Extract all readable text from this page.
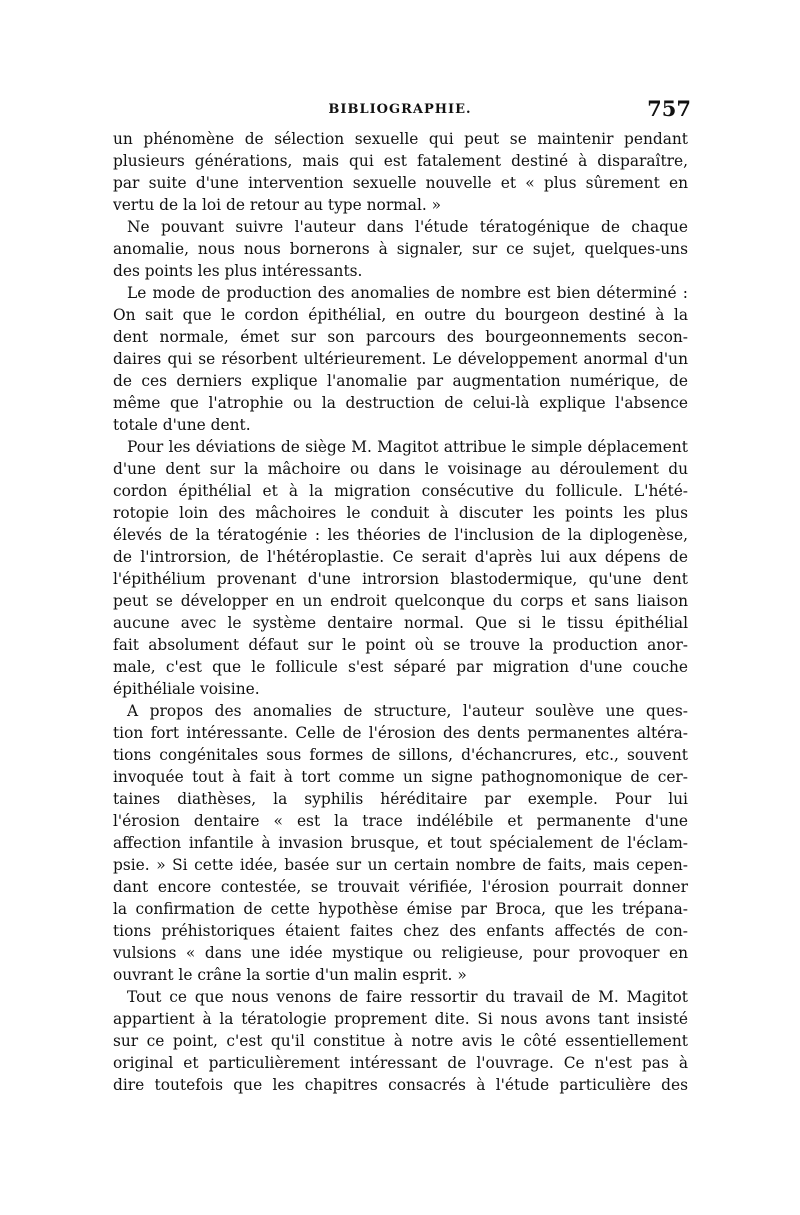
BIBLIOGRAPHIE.	757
un phénomène de sélection sexuelle qui peut se maintenir pendant
plusieurs générations, mais qui est fatalement destiné à disparaître,
par suite d'une intervention sexuelle nouvelle et « plus sûrement en
vertu de la loi de retour au type normal. »
Ne pouvant suivre l'auteur dans l'étude tératogénique de chaque
anomalie, nous nous bornerons à signaler, sur ce sujet, quelques-uns
des points les plus intéressants.
Le mode de production des anomalies de nombre est bien déterminé :
On sait que le cordon épithélial, en outre du bourgeon destiné à la
dent normale, émet sur son parcours des bourgeonnements secon-
daires qui se résorbent ultérieurement. Le développement anormal d'un
de ces derniers explique l'anomalie par augmentation numérique, de
même que l'atrophie ou la destruction de celui-là explique l'absence
totale d'une dent.
Pour les déviations de siège M. Magitot attribue le simple déplacement
d'une dent sur la mâchoire ou dans le voisinage au déroulement du
cordon épithélial et à la migration consécutive du follicule. L'hété-
rotopie loin des mâchoires le conduit à discuter les points les plus
élevés de la tératogénie : les théories de l'inclusion de la diplogenèse,
de l'introrsion, de l'hétéroplastie. Ce serait d'après lui aux dépens de
l'épithélium provenant d'une introrsion blastodermique, qu'une dent
peut se développer en un endroit quelconque du corps et sans liaison
aucune avec le système dentaire normal. Que si le tissu épithélial
fait absolument défaut sur le point où se trouve la production anor-
male, c'est que le follicule s'est séparé par migration d'une couche
épithéliale voisine.
A propos des anomalies de structure, l'auteur soulève une ques-
tion fort intéressante. Celle de l'érosion des dents permanentes altéra-
tions congénitales sous formes de sillons, d'échancrures, etc., souvent
invoquée tout à fait à tort comme un signe pathognomonique de cer-
taines diathèses, la syphilis héréditaire par exemple. Pour lui
l'érosion dentaire « est la trace indélébile et permanente d'une
affection infantile à invasion brusque, et tout spécialement de l'éclam-
psie. » Si cette idée, basée sur un certain nombre de faits, mais cepen-
dant encore contestée, se trouvait vérifiée, l'érosion pourrait donner
la confirmation de cette hypothèse émise par Broca, que les trépana-
tions préhistoriques étaient faites chez des enfants affectés de con-
vulsions « dans une idée mystique ou religieuse, pour provoquer en
ouvrant le crâne la sortie d'un malin esprit. »
Tout ce que nous venons de faire ressortir du travail de M. Magitot
appartient à la tératologie proprement dite. Si nous avons tant insisté
sur ce point, c'est qu'il constitue à notre avis le côté essentiellement
original et particulièrement intéressant de l'ouvrage. Ce n'est pas à
dire toutefois que les chapitres consacrés à l'étude particulière des
